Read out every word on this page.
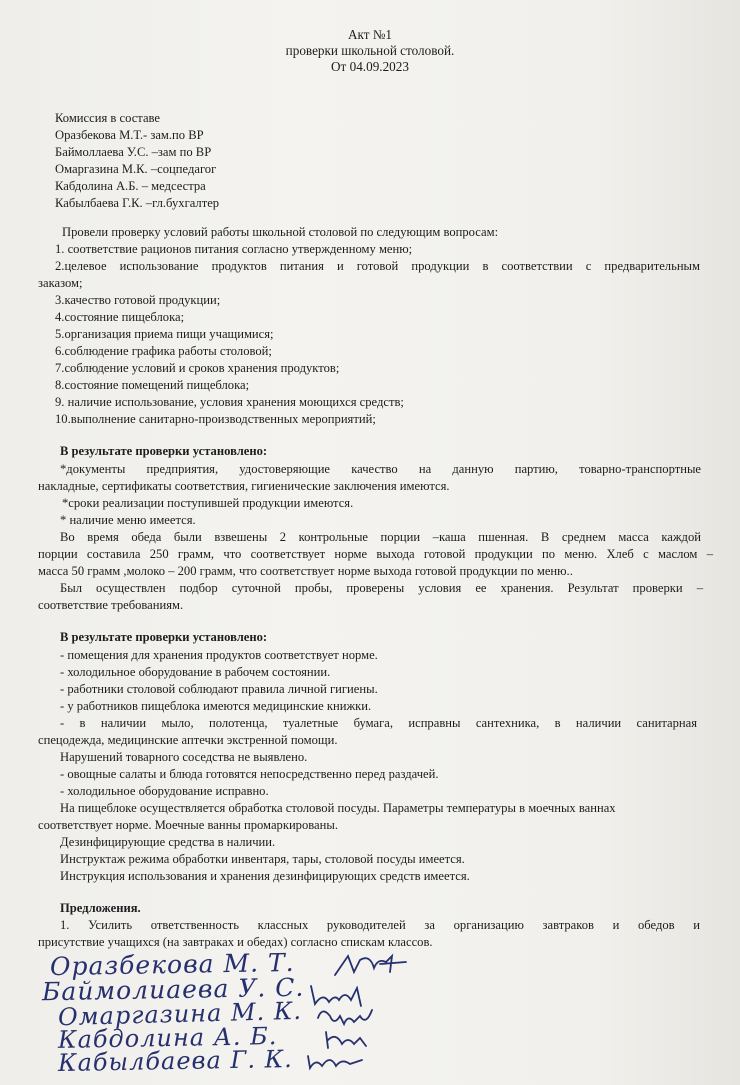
Акт №1
проверки школьной столовой.
От 04.09.2023
Комиссия в составе
Оразбекова М.Т.- зам.по ВР
Баймоллаева У.С. –зам по ВР
Омаргазина М.К. –соцпедагог
Кабдолина А.Б. – медсестра
Кабылбаева Г.К. –гл.бухгалтер
Провели проверку условий работы школьной столовой по следующим вопросам:
1. соответствие рационов питания согласно утвержденному меню;
2.целевое использование продуктов питания и готовой продукции в соответствии с предварительным
заказом;
3.качество готовой продукции;
4.состояние пищеблока;
5.организация приема пищи учащимися;
6.соблюдение графика работы столовой;
7.соблюдение условий и сроков хранения продуктов;
8.состояние помещений пищеблока;
9. наличие использование, условия хранения моющихся средств;
10.выполнение санитарно-производственных мероприятий;
В результате проверки установлено:
*документы предприятия, удостоверяющие качество на данную партию, товарно-транспортные
накладные, сертификаты соответствия, гигиенические заключения имеются.
*сроки реализации поступившей продукции имеются.
* наличие меню имеется.
Во время обеда были взвешены 2 контрольные порции –каша пшенная. В среднем масса каждой
порции составила 250 грамм, что соответствует норме выхода готовой продукции по меню. Хлеб с маслом –
масса 50 грамм ,молоко – 200 грамм, что соответствует норме выхода готовой продукции по меню..
Был осуществлен подбор суточной пробы, проверены условия ее хранения. Результат проверки –
соответствие требованиям.
В результате проверки установлено:
- помещения для хранения продуктов соответствует норме.
- холодильное оборудование в рабочем состоянии.
- работники столовой соблюдают правила личной гигиены.
- у работников пищеблока имеются медицинские книжки.
- в наличии мыло, полотенца, туалетные бумага, исправны сантехника, в наличии санитарная
спецодежда, медицинские аптечки экстренной помощи.
Нарушений товарного соседства не выявлено.
- овощные салаты и блюда готовятся непосредственно перед раздачей.
- холодильное оборудование исправно.
На пищеблоке осуществляется обработка столовой посуды. Параметры температуры в моечных ваннах
соответствует норме. Моечные ванны промаркированы.
Дезинфицирующие средства в наличии.
Инструктаж режима обработки инвентаря, тары, столовой посуды имеется.
Инструкция использования и хранения дезинфицирующих средств имеется.
Предложения.
1. Усилить ответственность классных руководителей за организацию завтраков и обедов и
присутствие учащихся (на завтраках и обедах) согласно спискам классов.
Оразбекова М. Т.
Баймолиаева У. С.
Омаргазина М. К.
Кабдолина А. Б.
Кабылбаева Г. К.
